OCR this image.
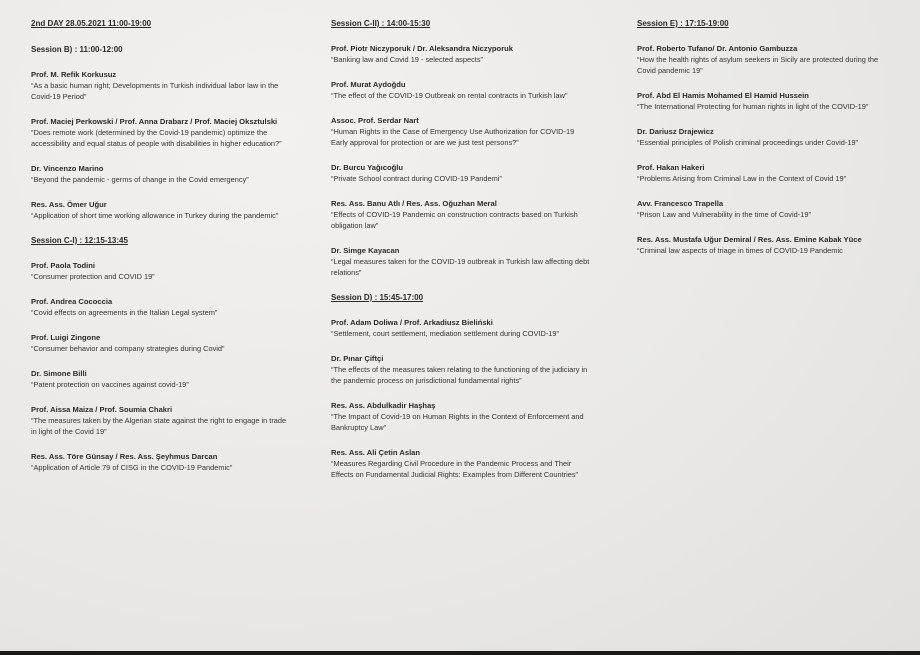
2nd DAY 28.05.2021 11:00-19:00

Session B) : 11:00-12:00

Prof. M. Refik Korkusuz

“As a basic human right; Developments in Turkish individual labor law in the Covid-19 Period”

Prof. Maciej Perkowski / Prof. Anna Drabarz / Prof. Maciej Oksztulski

“Does remote work (determined by the Covid-19 pandemic) optimize the accessibility and equal status of people with disabilities in higher education?”

Dr. Vincenzo Marino

“Beyond the pandemic - germs of change in the Covid emergency”

Res. Ass. Ömer Uğur

“Application of short time working allowance in Turkey during the pandemic”

Session C-I) : 12:15-13:45

Prof. Paola Todini

“Consumer protection and COVID 19”

Prof. Andrea Cococcia

“Covid effects on agreements in the Italian Legal system”

Prof. Luigi Zingone

“Consumer behavior and company strategies during Covid”

Dr. Simone Billi

“Patent protection on vaccines against covid-19”

Prof. Aissa Maiza / Prof. Soumia Chakri

“The measures taken by the Algerian state against the right to engage in trade in light of the Covid 19”

Res. Ass. Töre Günsay / Res. Ass. Şeyhmus Darcan

“Application of Article 79 of CISG in the COVID-19 Pandemic”

Session C-II) : 14:00-15:30

Prof. Piotr Niczyporuk / Dr. Aleksandra Niczyporuk

“Banking law and Covid 19 - selected aspects”

Prof. Murat Aydoğdu

“The effect of the COVID-19 Outbreak on rental contracts in Turkish law”

Assoc. Prof. Serdar Nart

“Human Rights in the Case of Emergency Use Authorization for COVID-19 Early approval for protection or are we just test persons?”

Dr. Burcu Yağıcoğlu

“Private School contract during COVID-19 Pandemi”

Res. Ass. Banu Atlı / Res. Ass. Oğuzhan Meral

“Effects of COVID-19 Pandemic on construction contracts based on Turkish obligation law”

Dr. Simge Kayacan

“Legal measures taken for the COVID-19 outbreak in Turkish law affecting debt relations”

Session D) : 15:45-17:00

Prof. Adam Doliwa / Prof. Arkadiusz Bieliński

“Settlement, court settlement, mediation settlement during COVID-19”

Dr. Pınar Çiftçi

“The effects of the measures taken relating to the functioning of the judiciary in the pandemic process on jurisdictional fundamental rights”

Res. Ass. Abdulkadir Haşhaş

“The Impact of Covid-19 on Human Rights in the Context of Enforcement and Bankruptcy Law”

Res. Ass. Ali Çetin Aslan

“Measures Regarding Civil Procedure in the Pandemic Process and Their Effects on Fundamental Judicial Rights: Examples from Different Countries”

Session E) : 17:15-19:00

Prof. Roberto Tufano/ Dr. Antonio Gambuzza

“How the health rights of asylum seekers in Sicily are protected during the Covid pandemic 19”

Prof. Abd El Hamis Mohamed El Hamid Hussein

“The International Protecting for human rights in light of the COVID-19”

Dr. Dariusz Drajewicz

“Essential principles of Polish criminal proceedings under Covid-19”

Prof. Hakan Hakeri

“Problems Arising from Criminal Law in the Context of Covid 19”

Avv. Francesco Trapella

“Prison Law and Vulnerability in the time of Covid-19”

Res. Ass. Mustafa Uğur Demiral / Res. Ass. Emine Kabak Yüce

“Criminal law aspects of triage in times of COVID-19 Pandemic
